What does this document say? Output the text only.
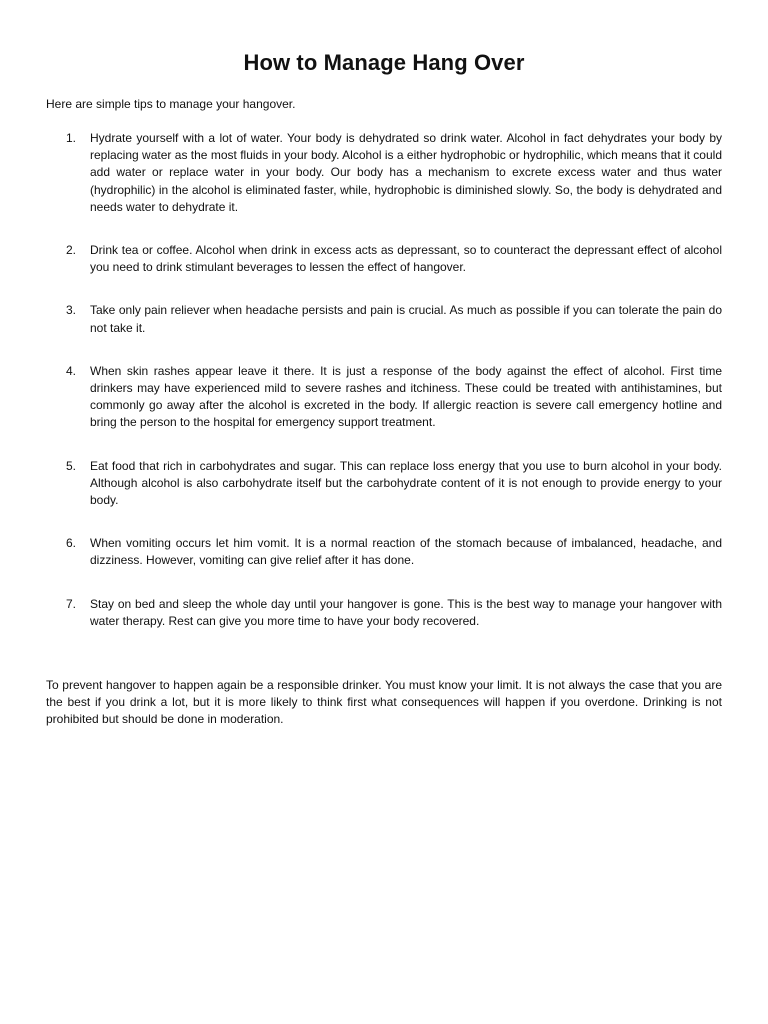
How to Manage Hang Over

Here are simple tips to manage your hangover.

1. Hydrate yourself with a lot of water. Your body is dehydrated so drink water. Alcohol in fact dehydrates your body by replacing water as the most fluids in your body. Alcohol is a either hydrophobic or hydrophilic, which means that it could add water or replace water in your body. Our body has a mechanism to excrete excess water and thus water (hydrophilic) in the alcohol is eliminated faster, while, hydrophobic is diminished slowly. So, the body is dehydrated and needs water to dehydrate it.
2. Drink tea or coffee. Alcohol when drink in excess acts as depressant, so to counteract the depressant effect of alcohol you need to drink stimulant beverages to lessen the effect of hangover.
3. Take only pain reliever when headache persists and pain is crucial. As much as possible if you can tolerate the pain do not take it.
4. When skin rashes appear leave it there. It is just a response of the body against the effect of alcohol. First time drinkers may have experienced mild to severe rashes and itchiness. These could be treated with antihistamines, but commonly go away after the alcohol is excreted in the body. If allergic reaction is severe call emergency hotline and bring the person to the hospital for emergency support treatment.
5. Eat food that rich in carbohydrates and sugar. This can replace loss energy that you use to burn alcohol in your body. Although alcohol is also carbohydrate itself but the carbohydrate content of it is not enough to provide energy to your body.
6. When vomiting occurs let him vomit. It is a normal reaction of the stomach because of imbalanced, headache, and dizziness. However, vomiting can give relief after it has done.
7. Stay on bed and sleep the whole day until your hangover is gone. This is the best way to manage your hangover with water therapy. Rest can give you more time to have your body recovered.

To prevent hangover to happen again be a responsible drinker. You must know your limit. It is not always the case that you are the best if you drink a lot, but it is more likely to think first what consequences will happen if you overdone. Drinking is not prohibited but should be done in moderation.
